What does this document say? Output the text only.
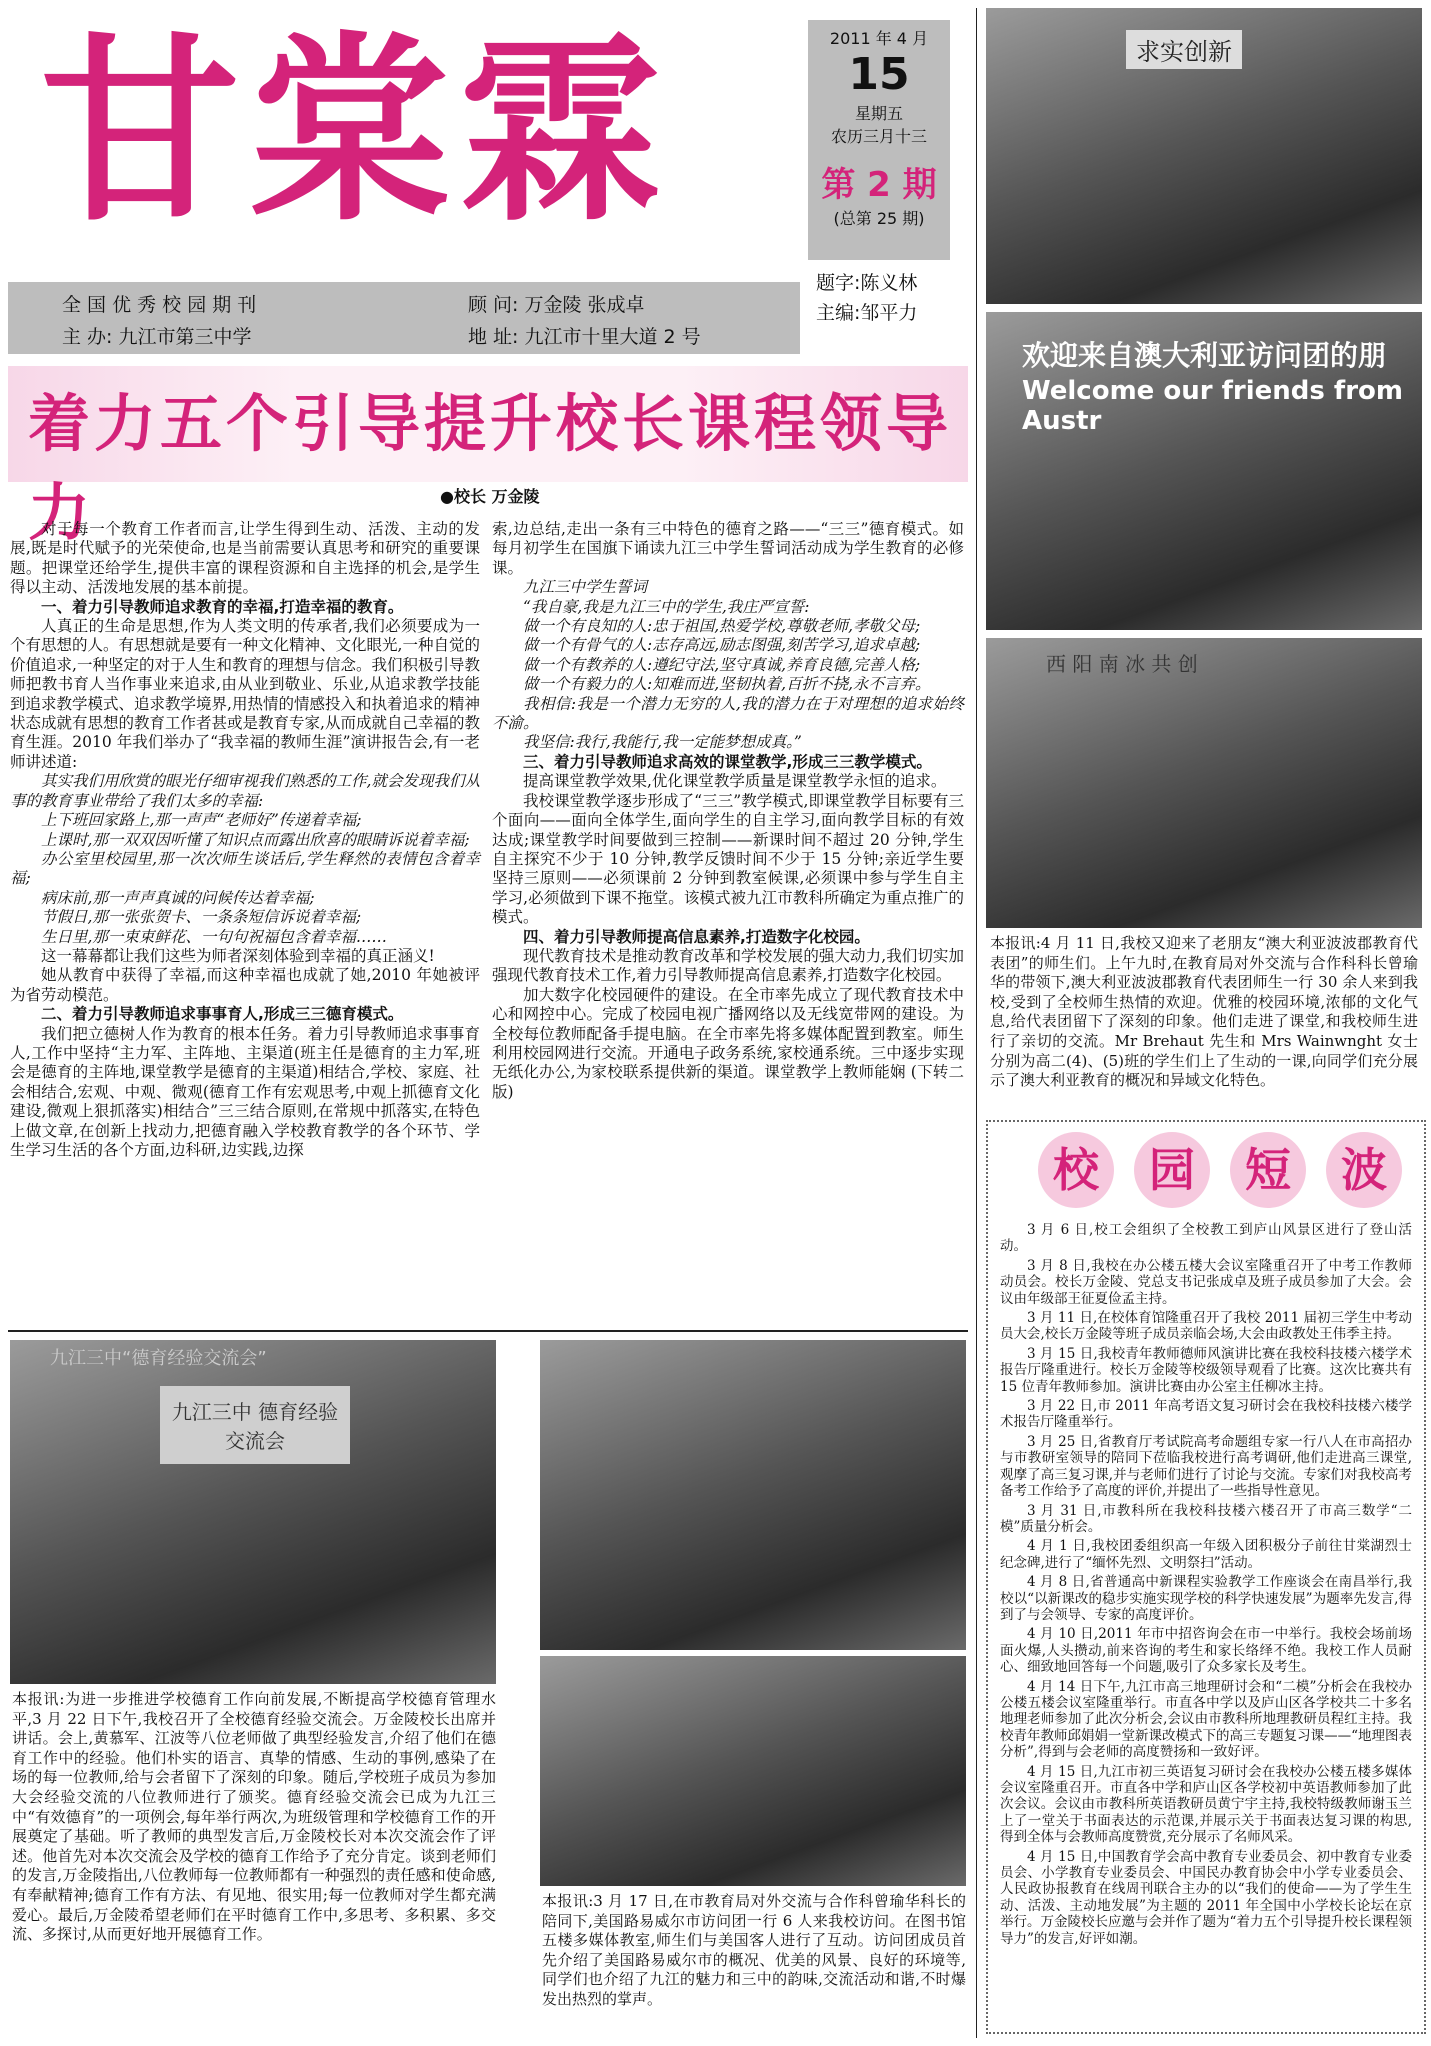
甘棠霖	2011 年 4 月
15
星期五
农历三月十三
第 2 期
(总第 25 期)
题字:陈义林
主编:邹平力
全 国 优 秀 校 园 期 刊	顾 问: 万金陵 张成卓
主 办: 九江市第三中学	地 址: 九江市十里大道 2 号
着力五个引导提升校长课程领导力	●校长 万金陵

对于每一个教育工作者而言,让学生得到生动、活泼、主动的发展,既是时代赋予的光荣使命,也是当前需要认真思考和研究的重要课题。把课堂还给学生,提供丰富的课程资源和自主选择的机会,是学生得以主动、活泼地发展的基本前提。

一、着力引导教师追求教育的幸福,打造幸福的教育。

人真正的生命是思想,作为人类文明的传承者,我们必须要成为一个有思想的人。有思想就是要有一种文化精神、文化眼光,一种自觉的价值追求,一种坚定的对于人生和教育的理想与信念。我们积极引导教师把教书育人当作事业来追求,由从业到敬业、乐业,从追求教学技能到追求教学模式、追求教学境界,用热情的情感投入和执着追求的精神状态成就有思想的教育工作者甚或是教育专家,从而成就自己幸福的教育生涯。2010 年我们举办了“我幸福的教师生涯”演讲报告会,有一老师讲述道:

其实我们用欣赏的眼光仔细审视我们熟悉的工作,就会发现我们从事的教育事业带给了我们太多的幸福:

上下班回家路上,那一声声“老师好”传递着幸福;

上课时,那一双双因听懂了知识点而露出欣喜的眼睛诉说着幸福;

办公室里校园里,那一次次师生谈话后,学生释然的表情包含着幸福;

病床前,那一声声真诚的问候传达着幸福;

节假日,那一张张贺卡、一条条短信诉说着幸福;

生日里,那一束束鲜花、一句句祝福包含着幸福……

这一幕幕都让我们这些为师者深刻体验到幸福的真正涵义!

她从教育中获得了幸福,而这种幸福也成就了她,2010 年她被评为省劳动模范。

二、着力引导教师追求事事育人,形成三三德育模式。

我们把立德树人作为教育的根本任务。着力引导教师追求事事育人,工作中坚持“主力军、主阵地、主渠道(班主任是德育的主力军,班会是德育的主阵地,课堂教学是德育的主渠道)相结合,学校、家庭、社会相结合,宏观、中观、微观(德育工作有宏观思考,中观上抓德育文化建设,微观上狠抓落实)相结合”三三结合原则,在常规中抓落实,在特色上做文章,在创新上找动力,把德育融入学校教育教学的各个环节、学生学习生活的各个方面,边科研,边实践,边探

索,边总结,走出一条有三中特色的德育之路——“三三”德育模式。如每月初学生在国旗下诵读九江三中学生誓词活动成为学生教育的必修课。

九江三中学生誓词

“我自豪,我是九江三中的学生,我庄严宣誓:

做一个有良知的人:忠于祖国,热爱学校,尊敬老师,孝敬父母;

做一个有骨气的人:志存高远,励志图强,刻苦学习,追求卓越;

做一个有教养的人:遵纪守法,坚守真诚,养育良德,完善人格;

做一个有毅力的人:知难而进,坚韧执着,百折不挠,永不言弃。

我相信:我是一个潜力无穷的人,我的潜力在于对理想的追求始终不渝。

我坚信:我行,我能行,我一定能梦想成真。”

三、着力引导教师追求高效的课堂教学,形成三三教学模式。

提高课堂教学效果,优化课堂教学质量是课堂教学永恒的追求。

我校课堂教学逐步形成了“三三”教学模式,即课堂教学目标要有三个面向——面向全体学生,面向学生的自主学习,面向教学目标的有效达成;课堂教学时间要做到三控制——新课时间不超过 20 分钟,学生自主探究不少于 10 分钟,教学反馈时间不少于 15 分钟;亲近学生要坚持三原则——必须课前 2 分钟到教室候课,必须课中参与学生自主学习,必须做到下课不拖堂。该模式被九江市教科所确定为重点推广的模式。

四、着力引导教师提高信息素养,打造数字化校园。

现代教育技术是推动教育改革和学校发展的强大动力,我们切实加强现代教育技术工作,着力引导教师提高信息素养,打造数字化校园。

加大数字化校园硬件的建设。在全市率先成立了现代教育技术中心和网控中心。完成了校园电视广播网络以及无线宽带网的建设。为全校每位教师配备手提电脑。在全市率先将多媒体配置到教室。师生利用校园网进行交流。开通电子政务系统,家校通系统。三中逐步实现无纸化办公,为家校联系提供新的渠道。课堂教学上教师能娴 (下转二版)

求实创新
欢迎来自澳大利亚访问团的朋
Welcome our friends from Austr
西 阳 南 冰 共 创
本报讯:4 月 11 日,我校又迎来了老朋友“澳大利亚波波郡教育代表团”的师生们。上午九时,在教育局对外交流与合作科科长曾瑜华的带领下,澳大利亚波波郡教育代表团师生一行 30 余人来到我校,受到了全校师生热情的欢迎。优雅的校园环境,浓郁的文化气息,给代表团留下了深刻的印象。他们走进了课堂,和我校师生进行了亲切的交流。Mr Brehaut 先生和 Mrs Wainwnght 女士分别为高二(4)、(5)班的学生们上了生动的一课,向同学们充分展示了澳大利亚教育的概况和异域文化特色。
校 园 短 波

3 月 6 日,校工会组织了全校教工到庐山风景区进行了登山活动。

3 月 8 日,我校在办公楼五楼大会议室隆重召开了中考工作教师动员会。校长万金陵、党总支书记张成卓及班子成员参加了大会。会议由年级部王征夏俭孟主持。

3 月 11 日,在校体育馆隆重召开了我校 2011 届初三学生中考动员大会,校长万金陵等班子成员亲临会场,大会由政教处王伟季主持。

3 月 15 日,我校青年教师德师风演讲比赛在我校科技楼六楼学术报告厅隆重进行。校长万金陵等校级领导观看了比赛。这次比赛共有 15 位青年教师参加。演讲比赛由办公室主任柳冰主持。

3 月 22 日,市 2011 年高考语文复习研讨会在我校科技楼六楼学术报告厅隆重举行。

3 月 25 日,省教育厅考试院高考命题组专家一行八人在市高招办与市教研室领导的陪同下莅临我校进行高考调研,他们走进高三课堂,观摩了高三复习课,并与老师们进行了讨论与交流。专家们对我校高考备考工作给予了高度的评价,并提出了一些指导性意见。

3 月 31 日,市教科所在我校科技楼六楼召开了市高三数学“二模”质量分析会。

4 月 1 日,我校团委组织高一年级入团积极分子前往甘棠湖烈士纪念碑,进行了“缅怀先烈、文明祭扫”活动。

4 月 8 日,省普通高中新课程实验教学工作座谈会在南昌举行,我校以“以新课改的稳步实施实现学校的科学快速发展”为题率先发言,得到了与会领导、专家的高度评价。

4 月 10 日,2011 年市中招咨询会在市一中举行。我校会场前场面火爆,人头攒动,前来咨询的考生和家长络绎不绝。我校工作人员耐心、细致地回答每一个问题,吸引了众多家长及考生。

4 月 14 日下午,九江市高三地理研讨会和“二模”分析会在我校办公楼五楼会议室隆重举行。市直各中学以及庐山区各学校共二十多名地理老师参加了此次分析会,会议由市教科所地理教研员程红主持。我校青年教师邱娟娟一堂新课改模式下的高三专题复习课——“地理图表分析”,得到与会老师的高度赞扬和一致好评。

4 月 15 日,九江市初三英语复习研讨会在我校办公楼五楼多媒体会议室隆重召开。市直各中学和庐山区各学校初中英语教师参加了此次会议。会议由市教科所英语教研员黄宁宇主持,我校特级教师谢玉兰上了一堂关于书面表达的示范课,并展示关于书面表达复习课的构思,得到全体与会教师高度赞赏,充分展示了名师风采。

4 月 15 日,中国教育学会高中教育专业委员会、初中教育专业委员会、小学教育专业委员会、中国民办教育协会中小学专业委员会、人民政协报教育在线周刊联合主办的以“我们的使命——为了学生生动、活泼、主动地发展”为主题的 2011 年全国中小学校长论坛在京举行。万金陵校长应邀与会并作了题为“着力五个引导提升校长课程领导力”的发言,好评如潮。

九江三中“德育经验交流会”
九江三中 德育经验交流会
本报讯:为进一步推进学校德育工作向前发展,不断提高学校德育管理水平,3 月 22 日下午,我校召开了全校德育经验交流会。万金陵校长出席并讲话。会上,黄慕军、江波等八位老师做了典型经验发言,介绍了他们在德育工作中的经验。他们朴实的语言、真挚的情感、生动的事例,感染了在场的每一位教师,给与会者留下了深刻的印象。随后,学校班子成员为参加大会经验交流的八位教师进行了颁奖。德育经验交流会已成为九江三中“有效德育”的一项例会,每年举行两次,为班级管理和学校德育工作的开展奠定了基础。听了教师的典型发言后,万金陵校长对本次交流会作了评述。他首先对本次交流会及学校的德育工作给予了充分肯定。谈到老师们的发言,万金陵指出,八位教师每一位教师都有一种强烈的责任感和使命感,有奉献精神;德育工作有方法、有见地、很实用;每一位教师对学生都充满爱心。最后,万金陵希望老师们在平时德育工作中,多思考、多积累、多交流、多探讨,从而更好地开展德育工作。
本报讯:3 月 17 日,在市教育局对外交流与合作科曾瑜华科长的陪同下,美国路易威尔市访问团一行 6 人来我校访问。在图书馆五楼多媒体教室,师生们与美国客人进行了互动。访问团成员首先介绍了美国路易威尔市的概况、优美的风景、良好的环境等,同学们也介绍了九江的魅力和三中的韵味,交流活动和谐,不时爆发出热烈的掌声。
